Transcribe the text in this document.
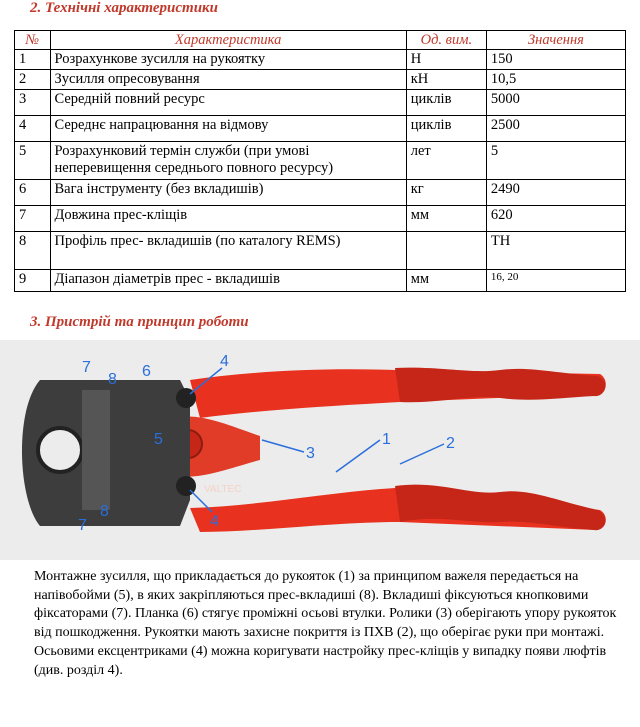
2. Технічні характеристики
№	Характеристика	Од. вим.	Значення
1	Розрахункове зусилля на рукоятку	Н	150
2	Зусилля опресовування	кН	10,5
3	Середній повний ресурс	циклів	5000
4	Середнє напрацювання на відмову	циклів	2500
5	Розрахунковий термін служби (при умові неперевищення середнього повного ресурсу)	лет	5
6	Вага інструменту (без вкладишів)	кг	2490
7	Довжина прес-кліщів	мм	620
8	Профіль прес- вкладишів (по каталогу REMS)		TH
9	Діапазон діаметрів прес - вкладишів	мм	16, 20
3. Пристрій та принцип роботи
VALTEC
1	2
3
4
4
5
6
7
7
8
8

Монтажне зусилля, що прикладається до рукояток (1) за принципом важеля передається на напівобойми (5), в яких закріпляються прес-вкладиші (8). Вкладиші фіксуються кнопковими фіксаторами (7). Планка (6) стягує проміжні осьові втулки. Ролики (3) оберігають упору рукояток від пошкодження. Рукоятки мають захисне покриття із ПХВ (2), що оберігає руки при монтажі. Осьовими ексцентриками (4) можна коригувати настройку прес-кліщів у випадку появи люфтів (див. розділ 4).
